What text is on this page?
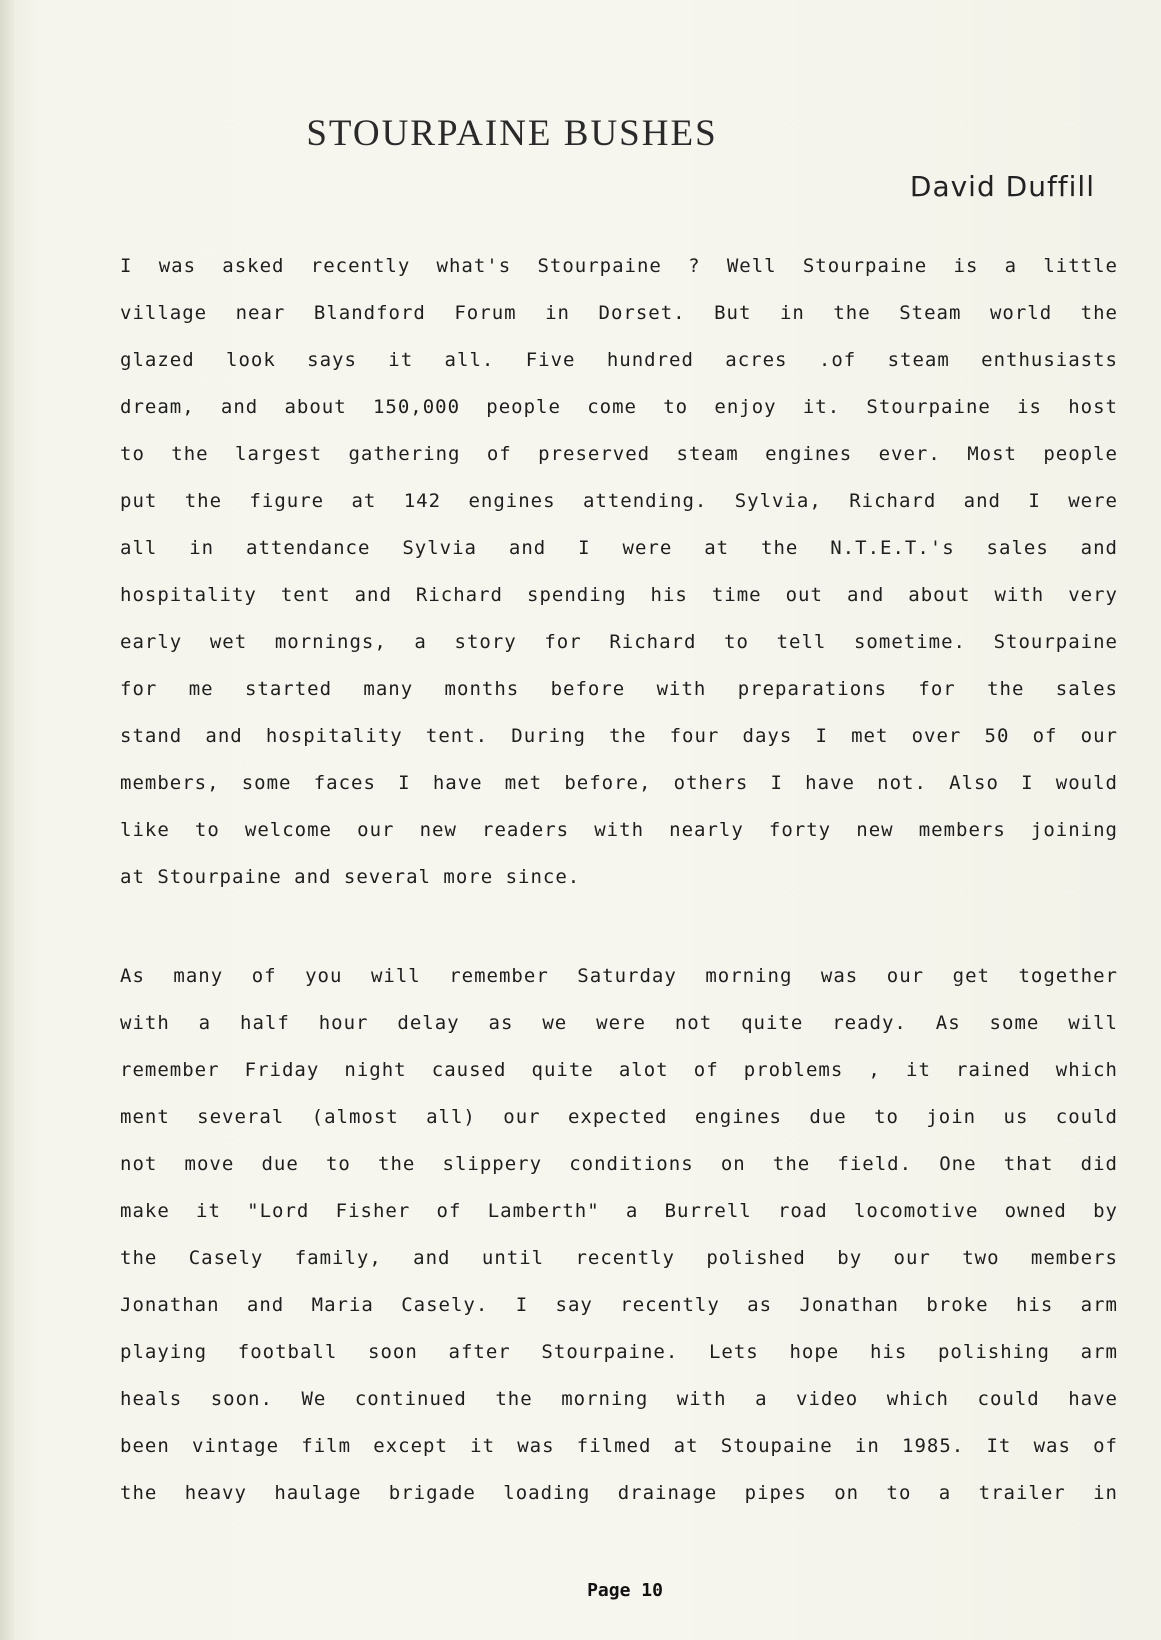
STOURPAINE BUSHES
David Duffill
I was asked recently what's Stourpaine ? Well Stourpaine is a little
village near Blandford Forum in Dorset. But in the Steam world the
glazed look says it all. Five hundred acres .of steam enthusiasts
dream, and about 150,000 people come to enjoy it. Stourpaine is host
to the largest gathering of preserved steam engines ever. Most people
put the figure at 142 engines attending. Sylvia, Richard and I were
all in attendance Sylvia and I were at the N.T.E.T.'s sales and
hospitality tent and Richard spending his time out and about with very
early wet mornings, a story for Richard to tell sometime. Stourpaine
for me started many months before with preparations for the sales
stand and hospitality tent. During the four days I met over 50 of our
members, some faces I have met before, others I have not. Also I would
like to welcome our new readers with nearly forty new members joining
at Stourpaine and several more since.
As many of you will remember Saturday morning was our get together
with a half hour delay as we were not quite ready. As some will
remember Friday night caused quite alot of problems , it rained which
ment several (almost all) our expected engines due to join us could
not move due to the slippery conditions on the field. One that did
make it "Lord Fisher of Lamberth" a Burrell road locomotive owned by
the Casely family, and until recently polished by our two members
Jonathan and Maria Casely. I say recently as Jonathan broke his arm
playing football soon after Stourpaine. Lets hope his polishing arm
heals soon. We continued the morning with a video which could have
been vintage film except it was filmed at Stoupaine in 1985. It was of
the heavy haulage brigade loading drainage pipes on to a trailer in
Page 10
